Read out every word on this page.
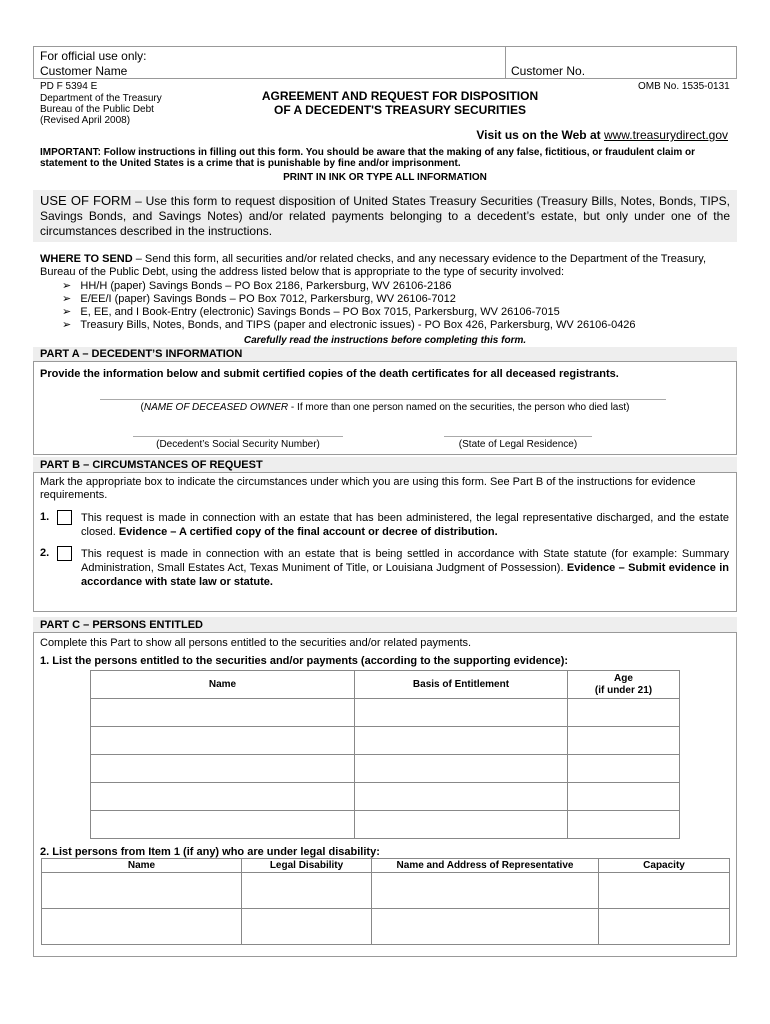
For official use only:
Customer Name	Customer No.
PD F 5394 E
Department of the Treasury
Bureau of the Public Debt
(Revised April 2008)
AGREEMENT AND REQUEST FOR DISPOSITION
OF A DECEDENT'S TREASURY SECURITIES
OMB No. 1535-0131
Visit us on the Web at www.treasurydirect.gov
IMPORTANT: Follow instructions in filling out this form. You should be aware that the making of any false, fictitious, or fraudulent claim or statement to the United States is a crime that is punishable by fine and/or imprisonment.
PRINT IN INK OR TYPE ALL INFORMATION
USE OF FORM – Use this form to request disposition of United States Treasury Securities (Treasury Bills, Notes, Bonds, TIPS, Savings Bonds, and Savings Notes) and/or related payments belonging to a decedent’s estate, but only under one of the circumstances described in the instructions.
WHERE TO SEND – Send this form, all securities and/or related checks, and any necessary evidence to the Department of the Treasury, Bureau of the Public Debt, using the address listed below that is appropriate to the type of security involved:
➢   HH/H (paper) Savings Bonds – PO Box 2186, Parkersburg, WV 26106-2186
➢   E/EE/I (paper) Savings Bonds – PO Box 7012, Parkersburg, WV 26106-7012
➢   E, EE, and I Book-Entry (electronic) Savings Bonds – PO Box 7015, Parkersburg, WV 26106-7015
➢   Treasury Bills, Notes, Bonds, and TIPS (paper and electronic issues) - PO Box 426, Parkersburg, WV 26106-0426
Carefully read the instructions before completing this form.
PART A – DECEDENT’S INFORMATION
Provide the information below and submit certified copies of the death certificates for all deceased registrants.
(NAME OF DECEASED OWNER - If more than one person named on the securities, the person who died last)
(Decedent’s Social Security Number)	(State of Legal Residence)
PART B – CIRCUMSTANCES OF REQUEST
Mark the appropriate box to indicate the circumstances under which you are using this form. See Part B of the instructions for evidence requirements.
1.	This request is made in connection with an estate that has been administered, the legal representative discharged, and the estate closed. Evidence – A certified copy of the final account or decree of distribution.
2.	This request is made in connection with an estate that is being settled in accordance with State statute (for example: Summary Administration, Small Estates Act, Texas Muniment of Title, or Louisiana Judgment of Possession). Evidence – Submit evidence in accordance with state law or statute.
PART C – PERSONS ENTITLED
Complete this Part to show all persons entitled to the securities and/or related payments.
1. List the persons entitled to the securities and/or payments (according to the supporting evidence):
Name	Basis of Entitlement	Age
(if under 21)

2. List persons from Item 1 (if any) who are under legal disability:
Name	Legal Disability	Name and Address of Representative	Capacity
